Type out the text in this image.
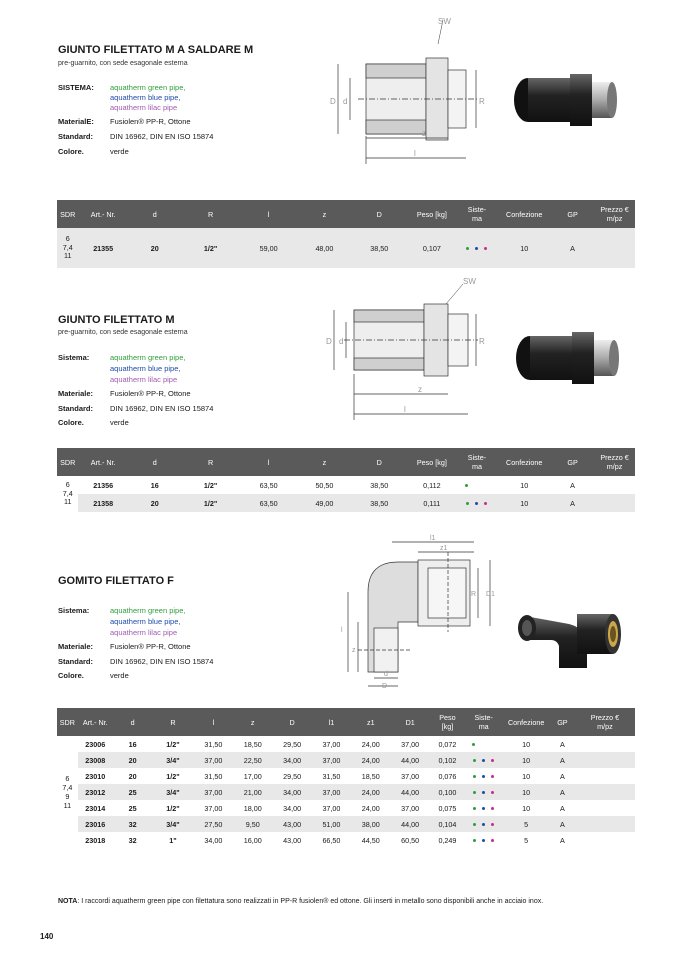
GIUNTO FILETTATO M A SALDARE M
pre-guarnito, con sede esagonale esterna
SISTEMA: aquatherm green pipe,
aquatherm blue pipe,
aquatherm lilac pipe
MaterialE: Fusiolen® PP-R, Ottone
Standard: DIN 16962, DIN EN ISO 15874
Colore.	verde
SW
D d	R
z
l
SDR	Art.- Nr.	d	R	l	z	D	Peso [kg]	Siste-
ma	Confezione	GP	Prezzo €
m/pz

6
7,4
11	21355	20	1/2"	59,00	48,00	38,50	0,107		10	A	
GIUNTO FILETTATO M
pre-guarnito, con sede esagonale esterna
Sistema:	aquatherm green pipe,
aquatherm blue pipe,
aquatherm lilac pipe
Materiale: Fusiolen® PP-R, Ottone
Standard: DIN 16962, DIN EN ISO 15874
Colore.	verde
SW
D d	R
z
l
SDR	Art.- Nr.	d	R	l	z	D	Peso [kg]	Siste-
ma	Confezione	GP	Prezzo €
m/pz

6
7,4
11	21356	16	1/2"	63,50	50,50	38,50	0,112		10	A	
	21358	20	1/2"	63,50	49,00	38,50	0,111		10	A	
GOMITO FILETTATO F
Sistema:	aquatherm green pipe,
aquatherm blue pipe,
aquatherm lilac pipe
Materiale: Fusiolen® PP-R, Ottone
Standard: DIN 16962, DIN EN ISO 15874
Colore.	verde
l1
z1
R D1
l
z
d
D
SDR	Art.- Nr.	d	R	l	z	D	l1	z1	D1	Peso
[kg]	Siste-
ma	Confezione	GP	Prezzo €
m/pz

6
7,4
9
11	23006	16	1/2"	31,50	18,50	29,50	37,00	24,00	37,00	0,072		10	A	
	23008	20	3/4"	37,00	22,50	34,00	37,00	24,00	44,00	0,102		10	A	
	23010	20	1/2"	31,50	17,00	29,50	31,50	18,50	37,00	0,076		10	A	
	23012	25	3/4"	37,00	21,00	34,00	37,00	24,00	44,00	0,100		10	A	
	23014	25	1/2"	37,00	18,00	34,00	37,00	24,00	37,00	0,075		10	A	
	23016	32	3/4"	27,50	9,50	43,00	51,00	38,00	44,00	0,104		5	A	
	23018	32	1"	34,00	16,00	43,00	66,50	44,50	60,50	0,249		5	A	
NOTA: I raccordi aquatherm green pipe con filettatura sono realizzati in PP-R fusiolen® ed ottone. Gli inserti in metallo sono disponibili anche in acciaio inox.
140
